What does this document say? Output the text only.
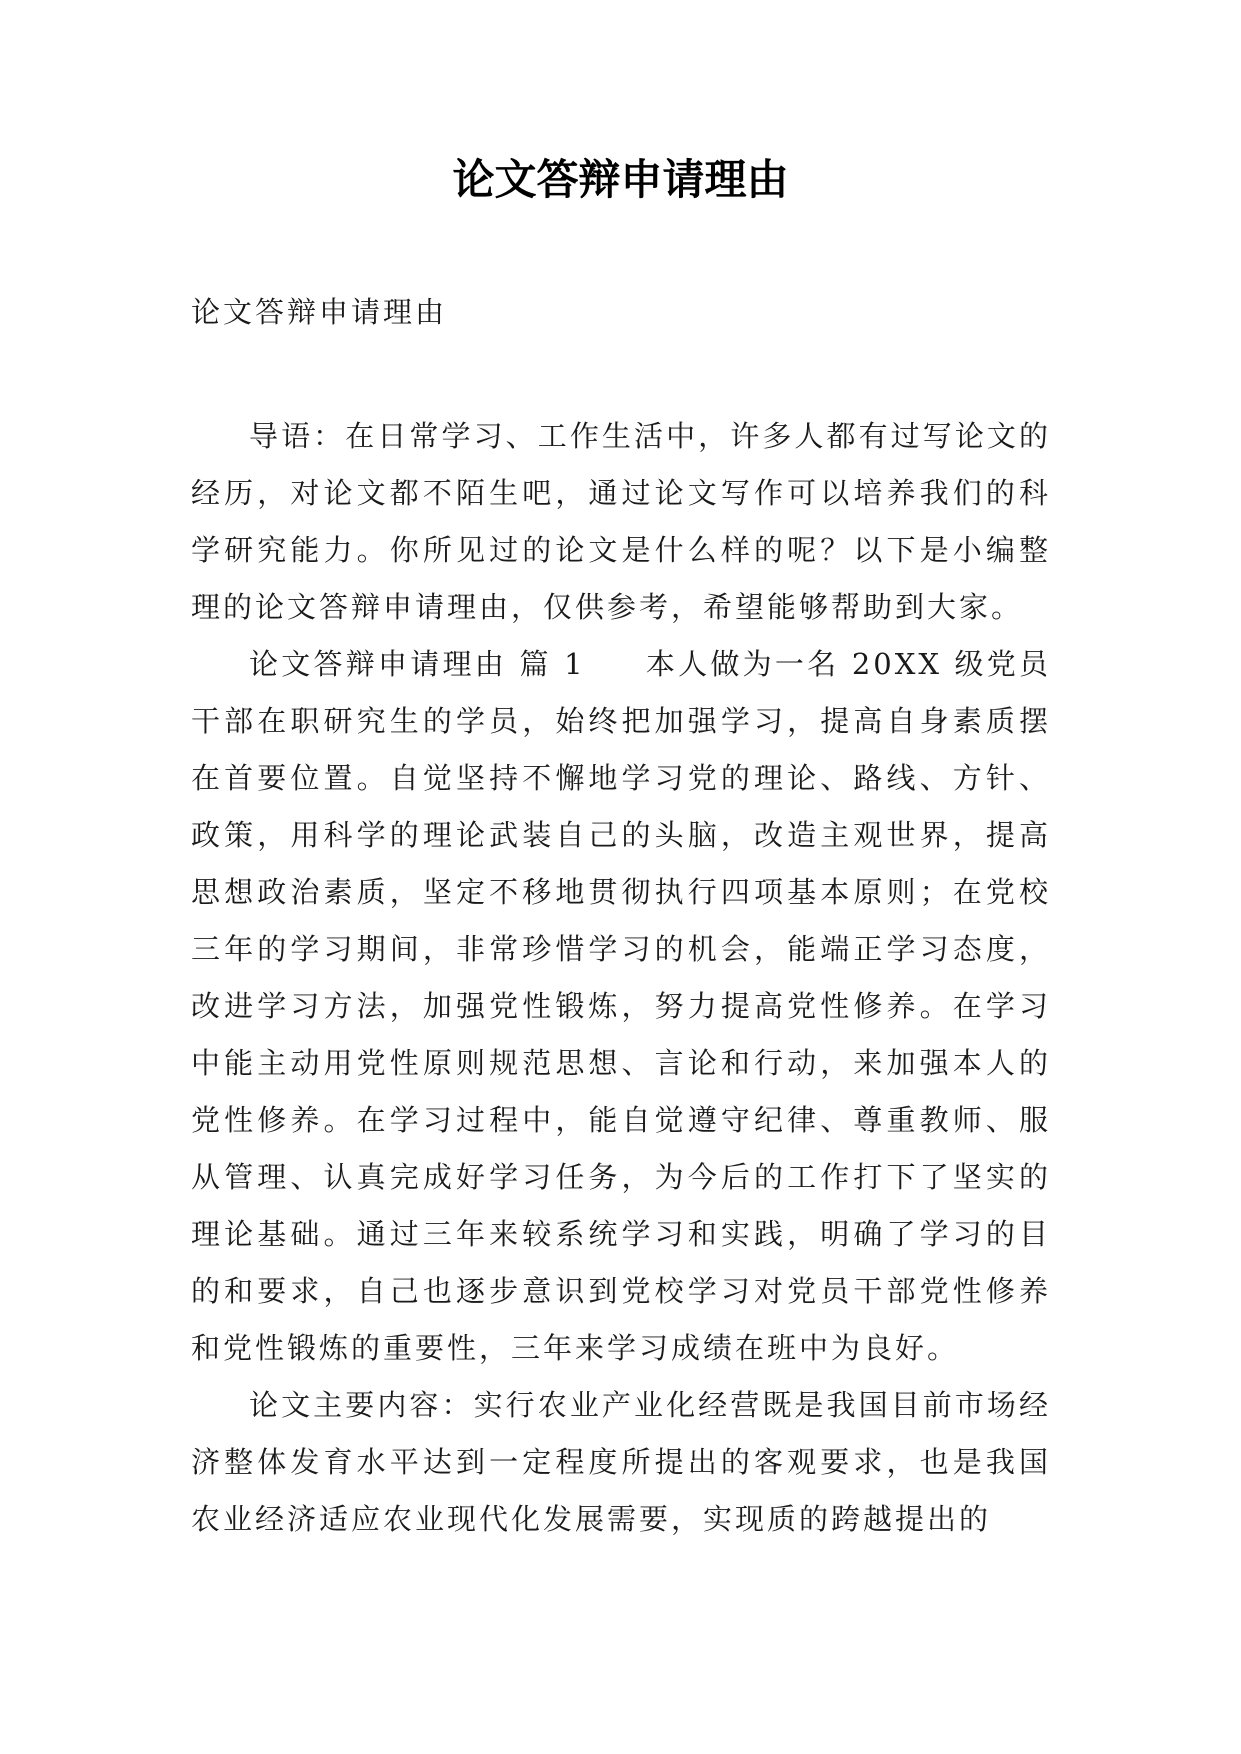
论文答辩申请理由

论文答辩申请理由

导语：在日常学习、工作生活中，许多人都有过写论文的经历，对论文都不陌生吧，通过论文写作可以培养我们的科学研究能力。你所见过的论文是什么样的呢？以下是小编整理的论文答辩申请理由，仅供参考，希望能够帮助到大家。

论文答辩申请理由 篇 1 本人做为一名 20XX 级党员干部在职研究生的学员，始终把加强学习，提高自身素质摆在首要位置。自觉坚持不懈地学习党的理论、路线、方针、政策，用科学的理论武装自己的头脑，改造主观世界，提高思想政治素质，坚定不移地贯彻执行四项基本原则；在党校三年的学习期间，非常珍惜学习的机会，能端正学习态度，改进学习方法，加强党性锻炼，努力提高党性修养。在学习中能主动用党性原则规范思想、言论和行动，来加强本人的党性修养。在学习过程中，能自觉遵守纪律、尊重教师、服从管理、认真完成好学习任务，为今后的工作打下了坚实的理论基础。通过三年来较系统学习和实践，明确了学习的目的和要求，自己也逐步意识到党校学习对党员干部党性修养和党性锻炼的重要性，三年来学习成绩在班中为良好。

论文主要内容：实行农业产业化经营既是我国目前市场经济整体发育水平达到一定程度所提出的客观要求，也是我国农业经济适应农业现代化发展需要，实现质的跨越提出的
